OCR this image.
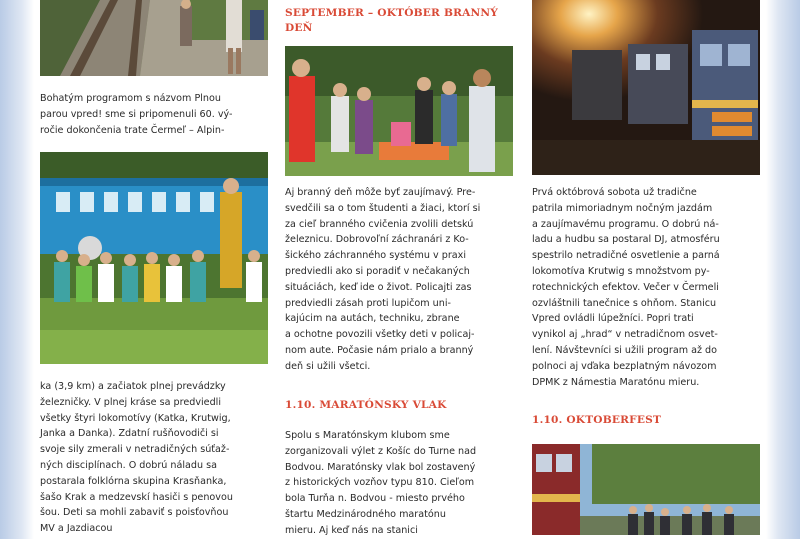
Bohatým programom s názvom Plnou
parou vpred! sme si pripomenuli 60. vý-
ročie dokončenia trate Čermeľ – Alpin-

ka (3,9 km) a začiatok plnej prevádzky
železničky. V plnej kráse sa predviedli
všetky štyri lokomotívy (Katka, Krutwig,
Janka a Danka). Zdatní rušňovodiči si
svoje sily zmerali v netradičných súťaž-
ných disciplínach. O dobrú náladu sa
postarala folklórna skupina Krasňanka,
šašo Krak a medzevskí hasiči s penovou
šou. Deti sa mohli zabaviť s poisťovňou
MV a Jazdiacou

SEPTEMBER – OKTÓBER BRANNÝ
DEŇ

Aj branný deň môže byť zaujímavý. Pre-
svedčili sa o tom študenti a žiaci, ktorí si
za cieľ branného cvičenia zvolili detskú
železnicu. Dobrovoľní záchranári z Ko-
šického záchranného systému v praxi
predviedli ako si poradiť v nečakaných
situáciách, keď ide o život. Policajti zas
predviedli zásah proti lupičom uni-
kajúcim na autách, techniku, zbrane
a ochotne povozili všetky deti v policaj-
nom aute. Počasie nám prialo a branný
deň si užili všetci.

1.10. MARATÓNSKY VLAK

Spolu s Maratónskym klubom sme
zorganizovali výlet z Košíc do Turne nad
Bodvou. Maratónsky vlak bol zostavený
z historických vozňov typu 810. Cieľom
bola Turňa n. Bodvou - miesto prvého
štartu Medzinárodného maratónu
mieru. Aj keď nás na stanici

Prvá októbrová sobota už tradične
patrila mimoriadnym nočným jazdám
a zaujímavému programu. O dobrú ná-
ladu a hudbu sa postaral DJ, atmosféru
spestrilo netradičné osvetlenie a parná
lokomotíva Krutwig s množstvom py-
rotechnických efektov. Večer v Čermeli
ozvláštnili tanečnice s ohňom. Stanicu
Vpred ovládli lúpežníci. Popri trati
vynikol aj „hrad“ v netradičnom osvet-
lení. Návštevníci si užili program až do
polnoci aj vďaka bezplatným návozom
DPMK z Námestia Maratónu mieru.

1.10. OKTOBERFEST
